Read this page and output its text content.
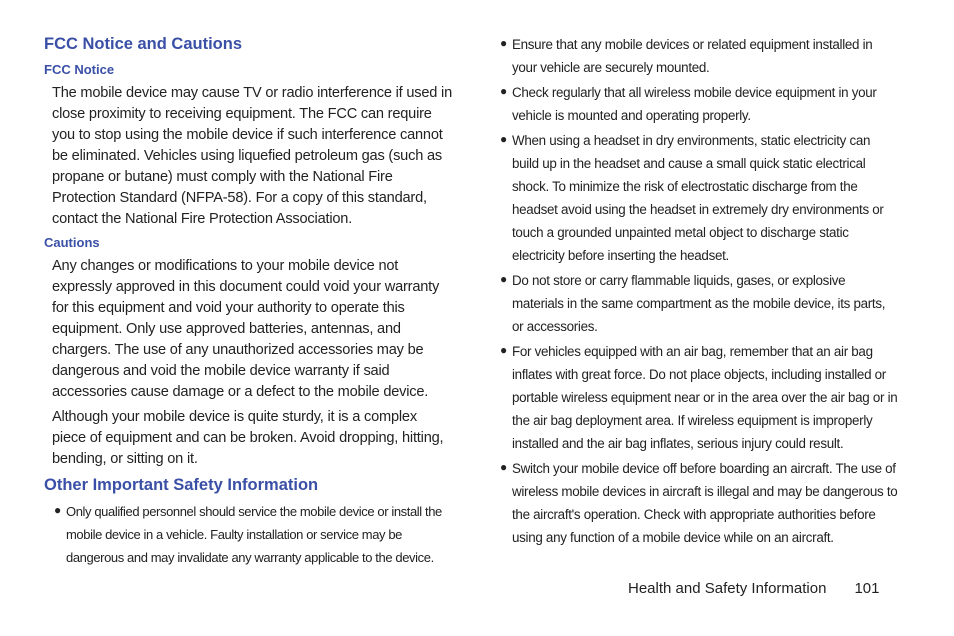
FCC Notice and Cautions
FCC Notice

The mobile device may cause TV or radio interference if used in close proximity to receiving equipment. The FCC can require you to stop using the mobile device if such interference cannot be eliminated. Vehicles using liquefied petroleum gas (such as propane or butane) must comply with the National Fire Protection Standard (NFPA-58). For a copy of this standard, contact the National Fire Protection Association.

Cautions

Any changes or modifications to your mobile device not expressly approved in this document could void your warranty for this equipment and void your authority to operate this equipment. Only use approved batteries, antennas, and chargers. The use of any unauthorized accessories may be dangerous and void the mobile device warranty if said accessories cause damage or a defect to the mobile device.

Although your mobile device is quite sturdy, it is a complex piece of equipment and can be broken. Avoid dropping, hitting, bending, or sitting on it.

Other Important Safety Information
● Only qualified personnel should service the mobile device or install the mobile device in a vehicle. Faulty installation or service may be dangerous and may invalidate any warranty applicable to the device.
● Ensure that any mobile devices or related equipment installed in your vehicle are securely mounted.
● Check regularly that all wireless mobile device equipment in your vehicle is mounted and operating properly.
● When using a headset in dry environments, static electricity can build up in the headset and cause a small quick static electrical shock. To minimize the risk of electrostatic discharge from the headset avoid using the headset in extremely dry environments or touch a grounded unpainted metal object to discharge static electricity before inserting the headset.
● Do not store or carry flammable liquids, gases, or explosive materials in the same compartment as the mobile device, its parts, or accessories.
● For vehicles equipped with an air bag, remember that an air bag inflates with great force. Do not place objects, including installed or portable wireless equipment near or in the area over the air bag or in the air bag deployment area. If wireless equipment is improperly installed and the air bag inflates, serious injury could result.
● Switch your mobile device off before boarding an aircraft. The use of wireless mobile devices in aircraft is illegal and may be dangerous to the aircraft's operation. Check with appropriate authorities before using any function of a mobile device while on an aircraft.
Health and Safety Information 101
